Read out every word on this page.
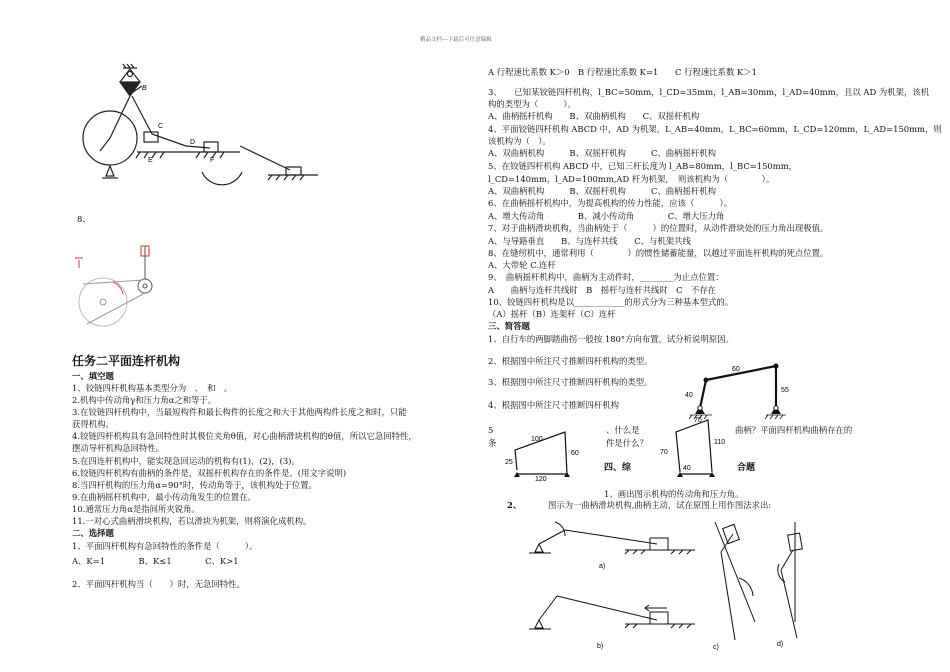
精品文档---下载后可任意编辑
B
C
D
E	F
8、
任务二平面连杆机构
一、填空题
1、铰链四杆机构基本类型分为　、　和　。
2.机构中传动角γ和压力角α之和等于。
3.在铰链四杆机构中，当最短构件和最长构件的长度之和大于其他两构件长度之和时，只能
获得机构。
4.铰链四杆机构具有急回特性时其极位夹角θ值，对心曲柄滑块机构的θ值，所以它急回特性，
摆动导杆机构急回特性。
5.在四连杆机构中，能实现急回运动的机构有(1)，(2)，(3)。
6.铰链四杆机构有曲柄的条件是，双摇杆机构存在的条件是。(用文字说明)
8.当四杆机构的压力角α=90°时，传动角等于，该机构处于位置。
9.在曲柄摇杆机构中，最小传动角发生的位置在。
10.通常压力角α是指间所夹锐角。
11.一对心式曲柄滑块机构，若以滑块为机架，则将演化成机构。
二、选择题
1、平面四杆机构有急回特性的条件是（　　　）。
A、K=1　　　　B、K≤1　　　　C、K>1
2、平面四杆机构当（　　）时，无急回特性。
A 行程速比系数 K＞0　B 行程速比系数 K=1　　C 行程速比系数 K＞1
3、　　已知某铰链四杆机构，l_BC=50mm，l_CD=35mm，l_AB=30mm，l_AD=40mm，且以 AD 为机架，该机
构的类型为（　　　）。
A、曲柄摇杆机构　　B、双曲柄机构　　C、双摇杆机构
4、平面铰链四杆机构 ABCD 中，AD 为机架，L_AB=40mm，L_BC=60mm，L_CD=120mm，L_AD=150mm，则
该机构为（　）。
A、双曲柄机构　　　B、双摇杆机构　　　C、曲柄摇杆机构
5、在铰链四杆机构 ABCD 中，已知三杆长度为 l_AB=80mm，l_BC=150mm，
l_CD=140mm，l_AD=100mm,AD 杆为机架，　则该机构为（　　　　）。
A、双曲柄机构　　　B、双摇杆机构　　　C、曲柄摇杆机构
6、在曲柄摇杆机构中，为提高机构的传力性能，应该（　　　）。
A、增大传动角　　　　B、减小传动角　　　　C、增大压力角
7、对于曲柄滑块机构，当曲柄处于（　　　）的位置时，从动件滑块处的压力角出现极值。
A、与导路垂直　　B、与连杆共线　　C、与机架共线
8、在缝纫机中，通常利用（　　　　）的惯性储蓄能量，以越过平面连杆机构的死点位置。
A、大带轮 C.连杆
9、　曲柄摇杆机构中，曲柄为主动件时，________为止点位置：
A　　曲柄与连杆共线时　B　摇杆与连杆共线时　C　不存在
10、铰链四杆机构是以____________的形式分为三种基本型式的。
（A）摇杆（B）连架杆（C）连杆
三、简答题
1、自行车的两脚踏曲拐一般按 180°方向布置，试分析说明原因。
2、根据图中所注尺寸推断四杆机构的类型。
3、根据图中所注尺寸推断四杆机构的类型。
4、根据图中所注尺寸推断四杆机构
60
40
55
5	、什么是	曲柄？平面四杆机构曲柄存在的
条	件是什么？
100
60
25
120
70
110
70
40
四、综	合题
1、画出图示机构的传动角和压力角。
2、	图示为一曲柄滑块机构,曲柄主动，试在原图上用作图法求出:
a)
b)	c)	d)
